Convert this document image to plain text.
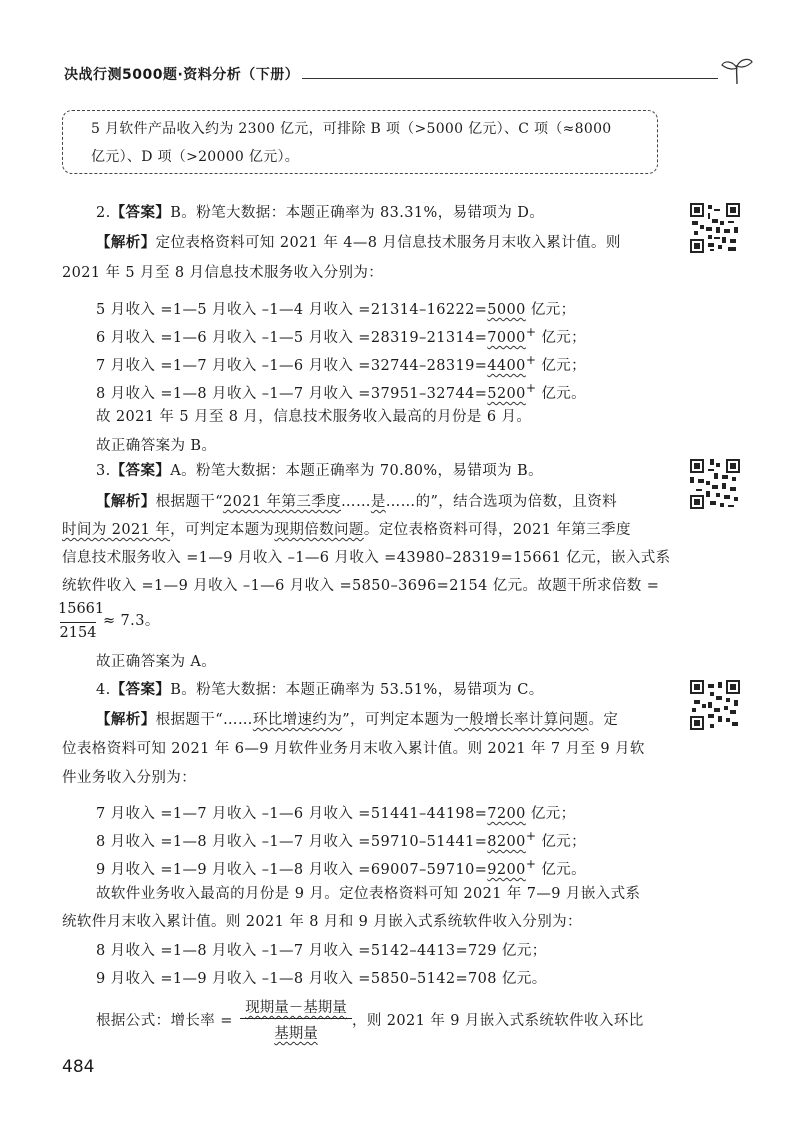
决战行测5000题·资料分析（下册）
5 月软件产品收入约为 2300 亿元，可排除 B 项（>5000 亿元）、C 项（≈8000
亿元）、D 项（>20000 亿元）。
2.【答案】B。粉笔大数据：本题正确率为 83.31%，易错项为 D。
【解析】定位表格资料可知 2021 年 4—8 月信息技术服务月末收入累计值。则
2021 年 5 月至 8 月信息技术服务收入分别为：
5 月收入 =1—5 月收入 –1—4 月收入 =21314–16222=5000 亿元；
6 月收入 =1—6 月收入 –1—5 月收入 =28319–21314=7000+ 亿元；
7 月收入 =1—7 月收入 –1—6 月收入 =32744–28319=4400+ 亿元；
8 月收入 =1—8 月收入 –1—7 月收入 =37951–32744=5200+ 亿元。
故 2021 年 5 月至 8 月，信息技术服务收入最高的月份是 6 月。
故正确答案为 B。
3.【答案】A。粉笔大数据：本题正确率为 70.80%，易错项为 B。
【解析】根据题干“2021 年第三季度……是……的”，结合选项为倍数，且资料
时间为 2021 年，可判定本题为现期倍数问题。定位表格资料可得，2021 年第三季度
信息技术服务收入 =1—9 月收入 –1—6 月收入 =43980–28319=15661 亿元，嵌入式系
统软件收入 =1—9 月收入 –1—6 月收入 =5850–3696=2154 亿元。故题干所求倍数 =
15661
2154
≈ 7.3。
故正确答案为 A。
4.【答案】B。粉笔大数据：本题正确率为 53.51%，易错项为 C。
【解析】根据题干“……环比增速约为”，可判定本题为一般增长率计算问题。定
位表格资料可知 2021 年 6—9 月软件业务月末收入累计值。则 2021 年 7 月至 9 月软
件业务收入分别为：
7 月收入 =1—7 月收入 –1—6 月收入 =51441–44198=7200 亿元；
8 月收入 =1—8 月收入 –1—7 月收入 =59710–51441=8200+ 亿元；
9 月收入 =1—9 月收入 –1—8 月收入 =69007–59710=9200+ 亿元。
故软件业务收入最高的月份是 9 月。定位表格资料可知 2021 年 7—9 月嵌入式系
统软件月末收入累计值。则 2021 年 8 月和 9 月嵌入式系统软件收入分别为：
8 月收入 =1—8 月收入 –1—7 月收入 =5142–4413=729 亿元；
9 月收入 =1—9 月收入 –1—8 月收入 =5850–5142=708 亿元。
根据公式：增长率 =
现期量－基期量
基期量
，则 2021 年 9 月嵌入式系统软件收入环比
484
